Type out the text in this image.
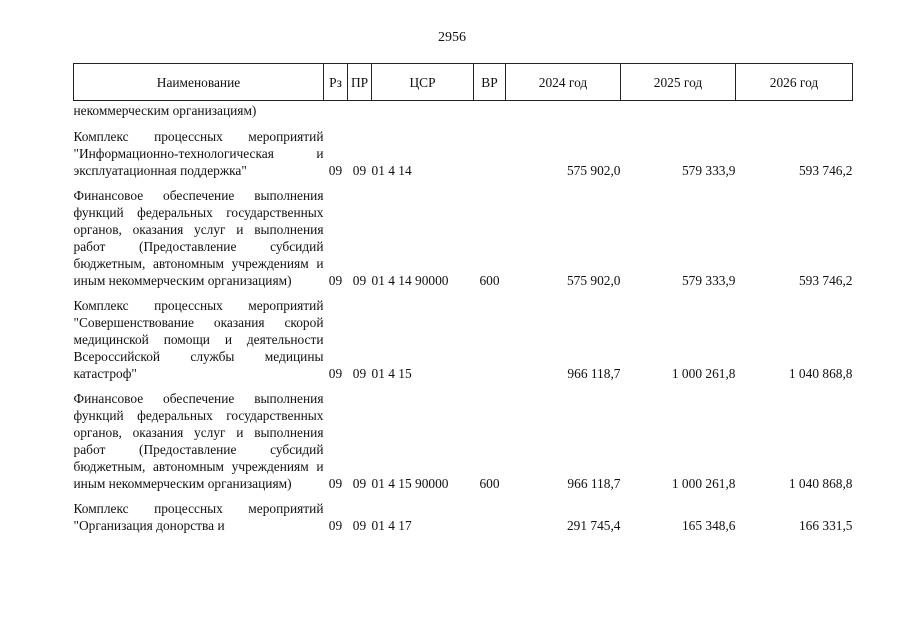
2956
Наименование	Рз	ПР	ЦСР	ВР	2024 год	2025 год	2026 год
некоммерческим организациям)							
Комплекс процессных мероприятий "Информационно-технологическая и эксплуатационная поддержка"	09	09	01 4 14		575 902,0	579 333,9	593 746,2
Финансовое обеспечение выполнения функций федеральных государственных органов, оказания услуг и выполнения работ (Предоставление субсидий бюджетным, автономным учреждениям и иным некоммерческим организациям)	09	09	01 4 14 90000	600	575 902,0	579 333,9	593 746,2
Комплекс процессных мероприятий "Совершенствование оказания скорой медицинской помощи и деятельности Всероссийской службы медицины катастроф"	09	09	01 4 15		966 118,7	1 000 261,8	1 040 868,8
Финансовое обеспечение выполнения функций федеральных государственных органов, оказания услуг и выполнения работ (Предоставление субсидий бюджетным, автономным учреждениям и иным некоммерческим организациям)	09	09	01 4 15 90000	600	966 118,7	1 000 261,8	1 040 868,8
Комплекс процессных мероприятий "Организация донорства и	09	09	01 4 17		291 745,4	165 348,6	166 331,5
